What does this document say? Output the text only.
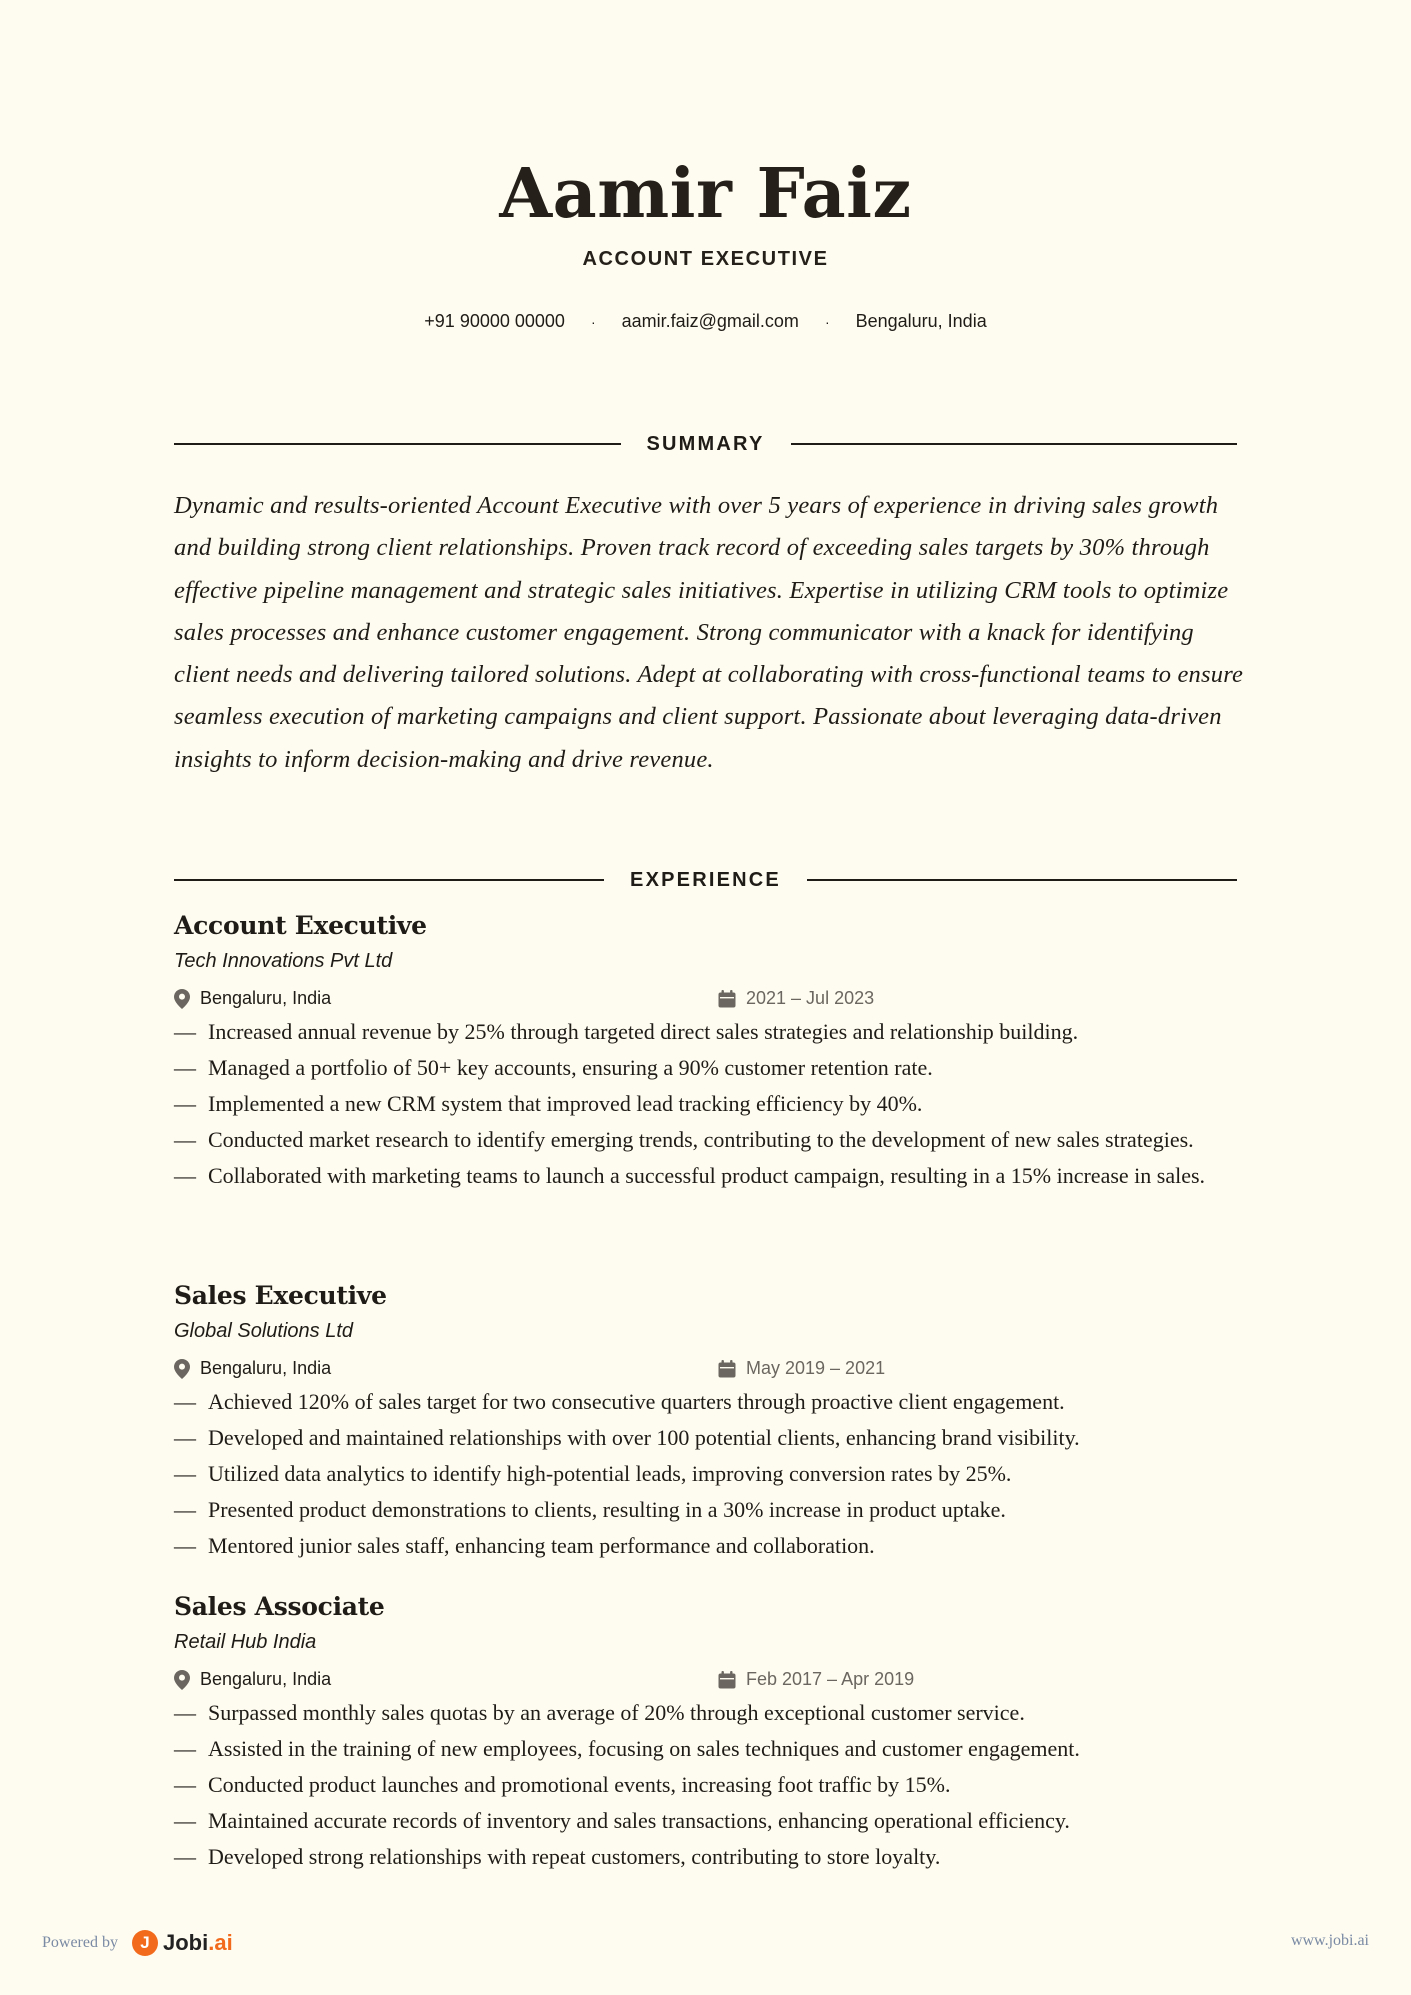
Aamir Faiz
ACCOUNT EXECUTIVE
+91 90000 00000 · aamir.faiz@gmail.com · Bengaluru, India
SUMMARY

Dynamic and results-oriented Account Executive with over 5 years of experience in driving sales growth and building strong client relationships. Proven track record of exceeding sales targets by 30% through effective pipeline management and strategic sales initiatives. Expertise in utilizing CRM tools to optimize sales processes and enhance customer engagement. Strong communicator with a knack for identifying client needs and delivering tailored solutions. Adept at collaborating with cross-functional teams to ensure seamless execution of marketing campaigns and client support. Passionate about leveraging data-driven insights to inform decision-making and drive revenue.

EXPERIENCE
Account Executive
Tech Innovations Pvt Ltd
Bengaluru, India	2021 – Jul 2023
— Increased annual revenue by 25% through targeted direct sales strategies and relationship building.
— Managed a portfolio of 50+ key accounts, ensuring a 90% customer retention rate.
— Implemented a new CRM system that improved lead tracking efficiency by 40%.
— Conducted market research to identify emerging trends, contributing to the development of new sales strategies.
— Collaborated with marketing teams to launch a successful product campaign, resulting in a 15% increase in sales.
Sales Executive
Global Solutions Ltd
Bengaluru, India	May 2019 – 2021
— Achieved 120% of sales target for two consecutive quarters through proactive client engagement.
— Developed and maintained relationships with over 100 potential clients, enhancing brand visibility.
— Utilized data analytics to identify high-potential leads, improving conversion rates by 25%.
— Presented product demonstrations to clients, resulting in a 30% increase in product uptake.
— Mentored junior sales staff, enhancing team performance and collaboration.
Sales Associate
Retail Hub India
Bengaluru, India	Feb 2017 – Apr 2019
— Surpassed monthly sales quotas by an average of 20% through exceptional customer service.
— Assisted in the training of new employees, focusing on sales techniques and customer engagement.
— Conducted product launches and promotional events, increasing foot traffic by 15%.
— Maintained accurate records of inventory and sales transactions, enhancing operational efficiency.
— Developed strong relationships with repeat customers, contributing to store loyalty.
Powered by	J Jobi .ai	www.jobi.ai
